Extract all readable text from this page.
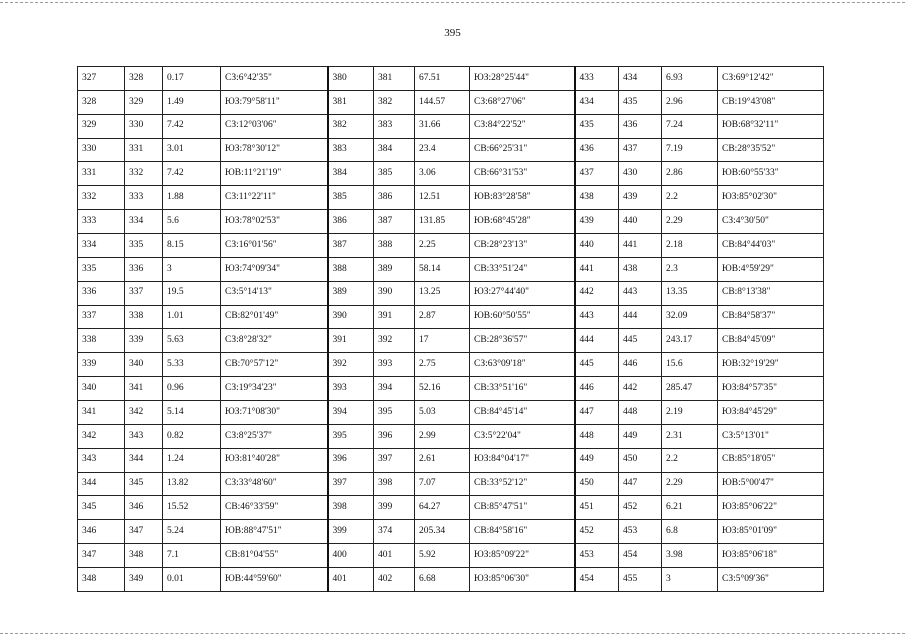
395
327	328	0.17	СЗ:6°42'35"	380	381	67.51	ЮЗ:28°25'44"	433	434	6.93	СЗ:69°12'42"
328	329	1.49	ЮЗ:79°58'11"	381	382	144.57	СЗ:68°27'06"	434	435	2.96	СВ:19°43'08"
329	330	7.42	СЗ:12°03'06"	382	383	31.66	СЗ:84°22'52"	435	436	7.24	ЮВ:68°32'11"
330	331	3.01	ЮЗ:78°30'12"	383	384	23.4	СВ:66°25'31"	436	437	7.19	СВ:28°35'52"
331	332	7.42	ЮВ:11°21'19"	384	385	3.06	СВ:66°31'53"	437	430	2.86	ЮВ:60°55'33"
332	333	1.88	СЗ:11°22'11"	385	386	12.51	ЮВ:83°28'58"	438	439	2.2	ЮЗ:85°02'30"
333	334	5.6	ЮЗ:78°02'53"	386	387	131.85	ЮВ:68°45'28"	439	440	2.29	СЗ:4°30'50"
334	335	8.15	СЗ:16°01'56"	387	388	2.25	СВ:28°23'13"	440	441	2.18	СВ:84°44'03"
335	336	3	ЮЗ:74°09'34"	388	389	58.14	СВ:33°51'24"	441	438	2.3	ЮВ:4°59'29"
336	337	19.5	СЗ:5°14'13"	389	390	13.25	ЮЗ:27°44'40"	442	443	13.35	СВ:8°13'38"
337	338	1.01	СВ:82°01'49"	390	391	2.87	ЮВ:60°50'55"	443	444	32.09	СВ:84°58'37"
338	339	5.63	СЗ:8°28'32"	391	392	17	СВ:28°36'57"	444	445	243.17	СВ:84°45'09"
339	340	5.33	СВ:70°57'12"	392	393	2.75	СЗ:63°09'18"	445	446	15.6	ЮВ:32°19'29"
340	341	0.96	СЗ:19°34'23"	393	394	52.16	СВ:33°51'16"	446	442	285.47	ЮЗ:84°57'35"
341	342	5.14	ЮЗ:71°08'30"	394	395	5.03	СВ:84°45'14"	447	448	2.19	ЮЗ:84°45'29"
342	343	0.82	СЗ:8°25'37"	395	396	2.99	СЗ:5°22'04"	448	449	2.31	СЗ:5°13'01"
343	344	1.24	ЮЗ:81°40'28"	396	397	2.61	ЮЗ:84°04'17"	449	450	2.2	СВ:85°18'05"
344	345	13.82	СЗ:33°48'60"	397	398	7.07	СВ:33°52'12"	450	447	2.29	ЮВ:5°00'47"
345	346	15.52	СВ:46°33'59"	398	399	64.27	СВ:85°47'51"	451	452	6.21	ЮЗ:85°06'22"
346	347	5.24	ЮВ:88°47'51"	399	374	205.34	СВ:84°58'16"	452	453	6.8	ЮЗ:85°01'09"
347	348	7.1	СВ:81°04'55"	400	401	5.92	ЮЗ:85°09'22"	453	454	3.98	ЮЗ:85°06'18"
348	349	0.01	ЮВ:44°59'60"	401	402	6.68	ЮЗ:85°06'30"	454	455	3	СЗ:5°09'36"
